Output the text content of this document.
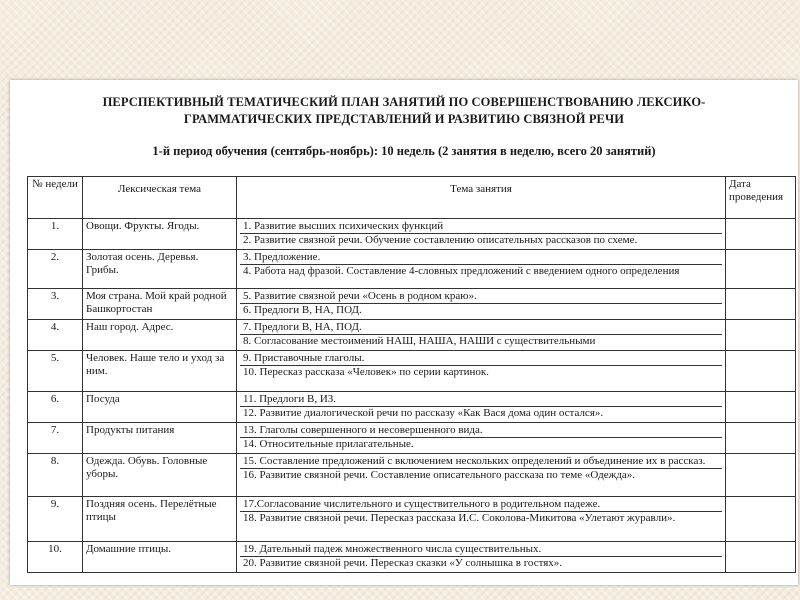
ПЕРСПЕКТИВНЫЙ ТЕМАТИЧЕСКИЙ ПЛАН ЗАНЯТИЙ ПО СОВЕРШЕНСТВОВАНИЮ ЛЕКСИКО-
ГРАММАТИЧЕСКИХ ПРЕДСТАВЛЕНИЙ И РАЗВИТИЮ СВЯЗНОЙ РЕЧИ
1-й период обучения (сентябрь-ноябрь): 10 недель (2 занятия в неделю, всего 20 занятий)
№ недели	Лексическая тема	Тема занятия	Дата проведения
1.	Овощи. Фрукты. Ягоды.	1. Развитие высших психических функций
2. Развитие связной речи. Обучение составлению описательных рассказов по схеме.	

2.	Золотая осень. Деревья. Грибы.	3. Предложение.
4. Работа над фразой. Составление 4-словных предложений с введением одного определения	

3.	Моя страна. Мой край родной Башкортостан	5. Развитие связной речи «Осень в родном краю».
6. Предлоги В, НА, ПОД.	

4.	Наш город. Адрес.	7. Предлоги В, НА, ПОД.
8. Согласование местоимений НАШ, НАША, НАШИ с существительными	

5.	Человек. Наше тело и уход за ним.	9. Приставочные глаголы.
10. Пересказ рассказа «Человек» по серии картинок.	

6.	Посуда	11. Предлоги В, ИЗ.
12. Развитие диалогической речи по рассказу «Как Вася дома один остался».	

7.	Продукты питания	13. Глаголы совершенного и несовершенного вида.
14. Относительные прилагательные.	

8.	Одежда. Обувь. Головные уборы.	15. Составление предложений с включением нескольких определений и объединение их в рассказ.
16. Развитие связной речи. Составление описательного рассказа по теме «Одежда».	

9.	Поздняя осень. Перелётные птицы	17.Согласование числительного и существительного в родительном падеже.
18. Развитие связной речи. Пересказ рассказа И.С. Соколова-Микитова «Улетают журавли».	

10.	Домашние птицы.	19. Дательный падеж множественного числа существительных.
20. Развитие связной речи. Пересказ сказки «У солнышка в гостях».	
